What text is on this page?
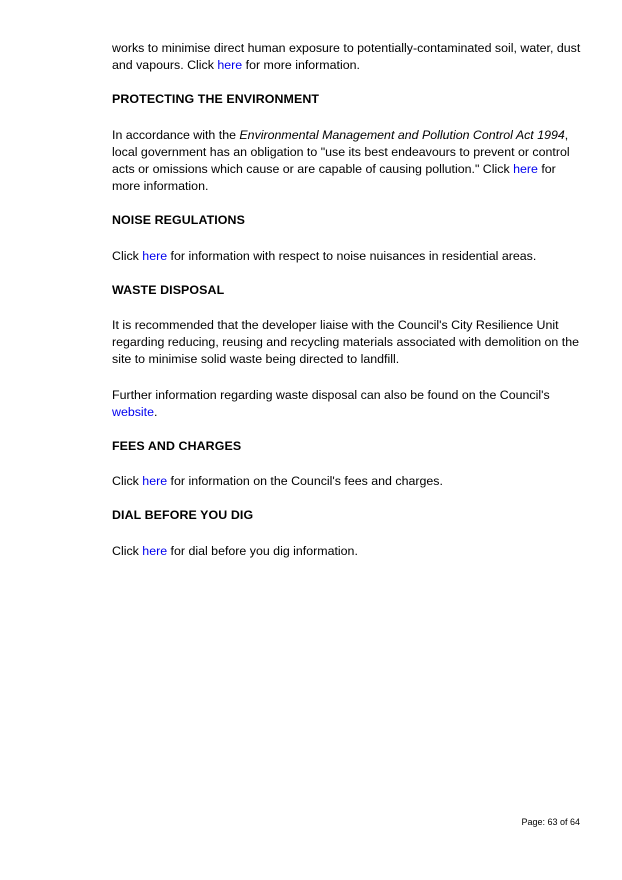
works to minimise direct human exposure to potentially-contaminated soil, water, dust and vapours. Click here for more information.

PROTECTING THE ENVIRONMENT

In accordance with the Environmental Management and Pollution Control Act 1994, local government has an obligation to "use its best endeavours to prevent or control acts or omissions which cause or are capable of causing pollution." Click here for more information.

NOISE REGULATIONS

Click here for information with respect to noise nuisances in residential areas.

WASTE DISPOSAL

It is recommended that the developer liaise with the Council's City Resilience Unit regarding reducing, reusing and recycling materials associated with demolition on the site to minimise solid waste being directed to landfill.

Further information regarding waste disposal can also be found on the Council's website.

FEES AND CHARGES

Click here for information on the Council's fees and charges.

DIAL BEFORE YOU DIG

Click here for dial before you dig information.

Page: 63 of 64
